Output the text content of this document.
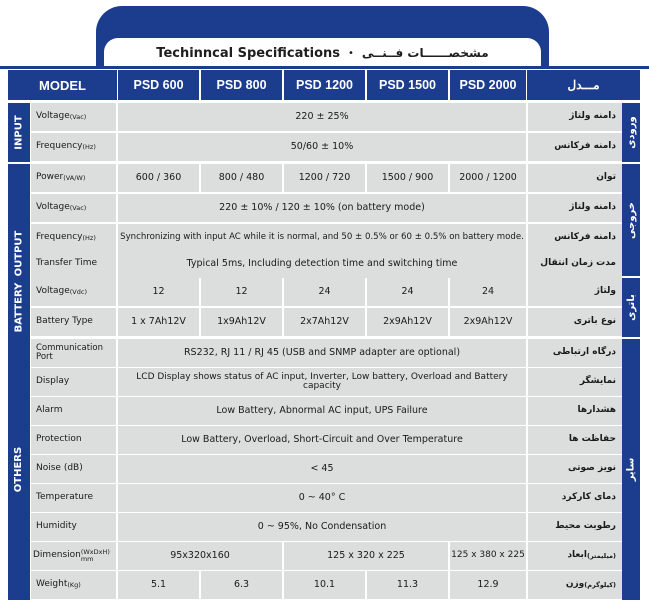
Techinncal Specifications • مشخصــــــات فــنــی
MODEL	PSD 600	PSD 800	PSD 1200	PSD 1500	PSD 2000	مـــدل
INPUT
OUTPUT
BATTERY
OTHERS
ورودی
خروجی
باتری
سایر
Voltage (Vac)	220 ± 25%	دامنه ولتاژ
Frequency (Hz)	50/60 ± 10%	دامنه فرکانس
Power (VA/W)	600 / 360	800 / 480	1200 / 720	1500 / 900	2000 / 1200	توان
Voltage (Vac)	220 ± 10% / 120 ± 10% (on battery mode)	دامنه ولتاژ
Frequency (Hz)	Synchronizing with input AC while it is normal, and 50 ± 0.5% or 60 ± 0.5% on battery mode.	دامنه فرکانس
Transfer Time	Typical 5ms, Including detection time and switching time	مدت زمان انتقال
Voltage (Vdc)	12	12	24	24	24	ولتاژ
Battery Type	1 x 7Ah12V	1x9Ah12V	2x7Ah12V	2x9Ah12V	2x9Ah12V	نوع باتری
Communication Port	RS232, RJ 11 / RJ 45 (USB and SNMP adapter are optional)	درگاه ارتباطی
Display	LCD Display shows status of AC input, Inverter, Low battery, Overload and Battery capacity	نمایشگر
Alarm	Low Battery, Abnormal AC input, UPS Failure	هشدارها
Protection	Low Battery, Overload, Short-Circuit and Over Temperature	حفاظت ها
Noise (dB)	< 45	نویز صوتی
Temperature	0 ~ 40° C	دمای کارکرد
Humidity	0 ~ 95%, No Condensation	رطوبت محیط
Dimension (WxDxH) mm	95x320x160	125 x 320 x 225	125 x 380 x 225	ابعاد (میلیمتر)
Weight (Kg)	5.1	6.3	10.1	11.3	12.9	وزن (کیلوگرم)
